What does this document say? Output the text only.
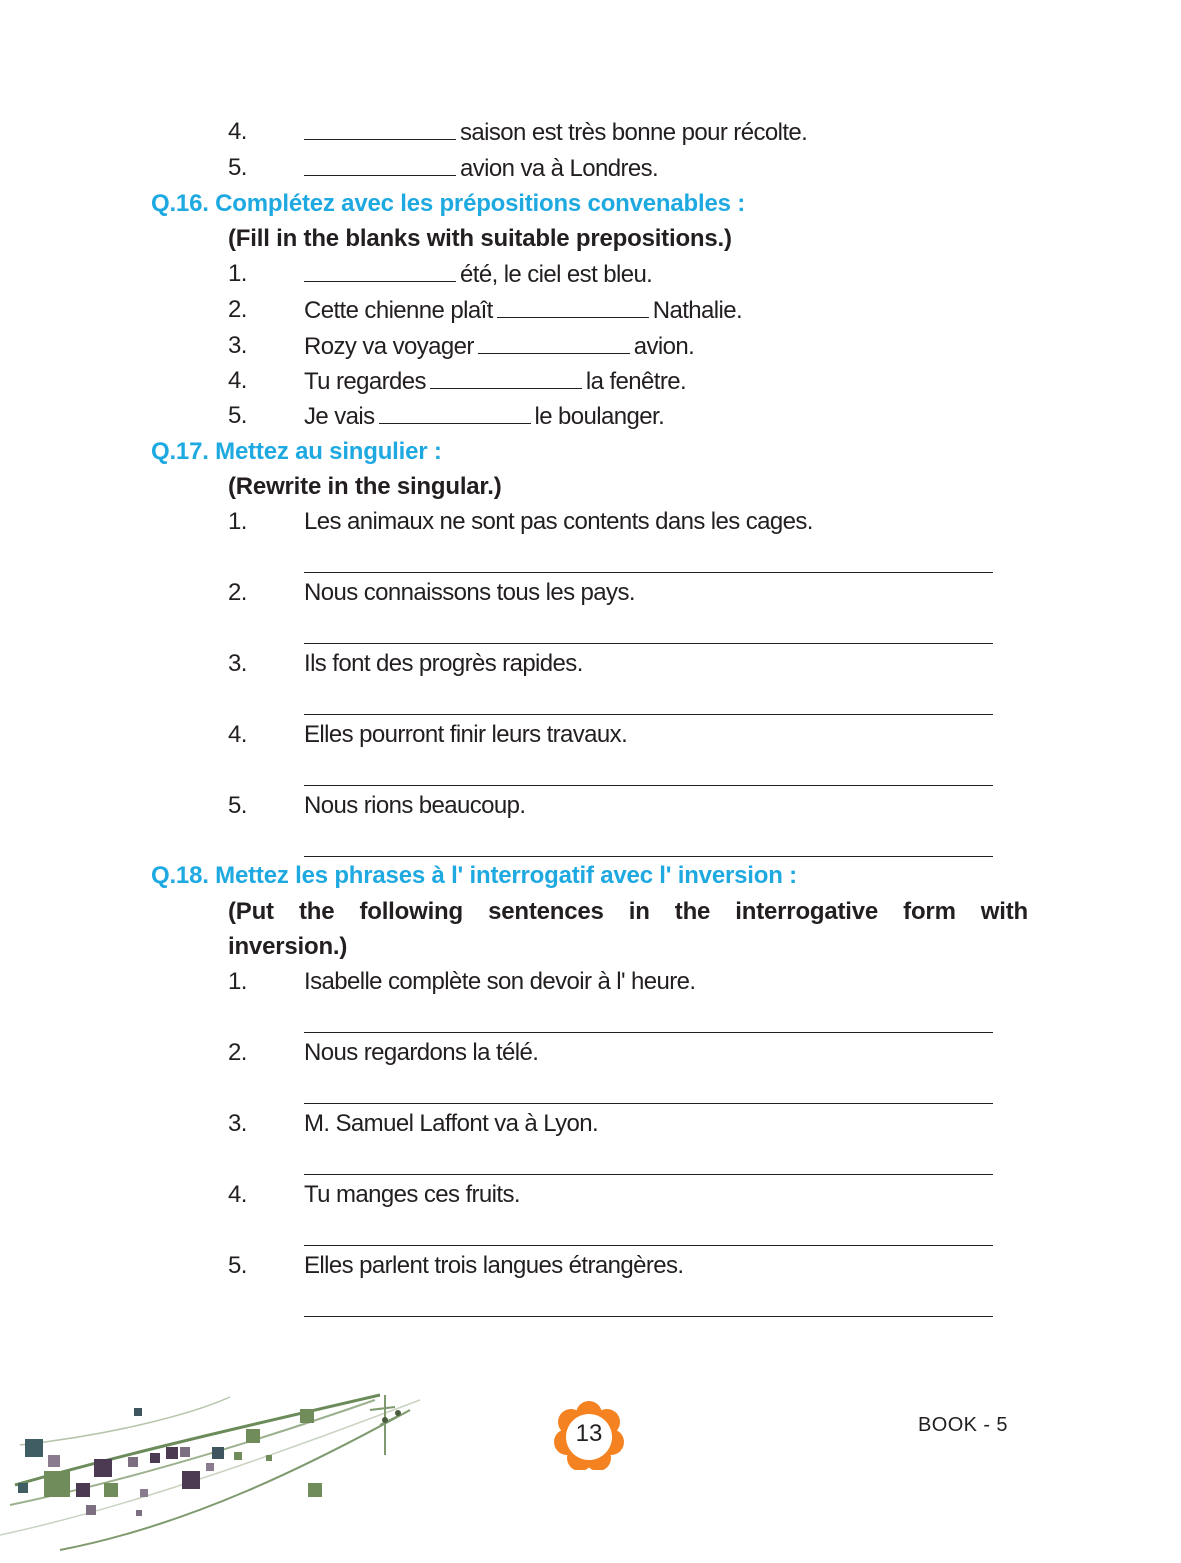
4.	saison est très bonne pour récolte.
5.	avion va à Londres.
Q.16. Complétez avec les prépositions convenables :
(Fill in the blanks with suitable prepositions.)
1.	été, le ciel est bleu.
2. Cette chienne plaît	Nathalie.
3. Rozy va voyager	avion.
4. Tu regardes	la fenêtre.
5. Je vais	le boulanger.
Q.17. Mettez au singulier :
(Rewrite in the singular.)
1. Les animaux ne sont pas contents dans les cages.
2. Nous connaissons tous les pays.
3. Ils font des progrès rapides.
4. Elles pourront finir leurs travaux.
5. Nous rions beaucoup.
Q.18. Mettez les phrases à l' interrogatif avec l' inversion :
(Put the following sentences in the interrogative form with inversion.)
1. Isabelle complète son devoir à l' heure.
2. Nous regardons la télé.
3. M. Samuel Laffont va à Lyon.
4. Tu manges ces fruits.
5. Elles parlent trois langues étrangères.
13	BOOK - 5
